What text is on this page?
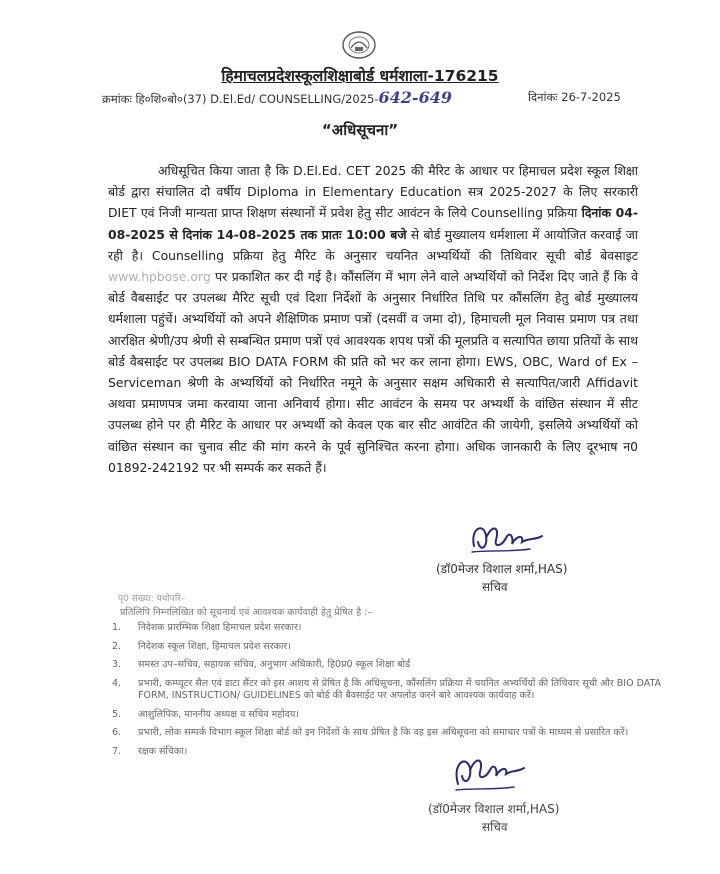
हिमाचलप्रदेशस्कूलशिक्षाबोर्ड धर्मशाला-176215
क्रमांकः हि०शि०बो०(37) D.El.Ed/ COUNSELLING/2025-642-649	दिनांकः 26-7-2025
“अधिसूचना”
अधिसूचित किया जाता है कि D.El.Ed. CET 2025 की मैरिट के आधार पर हिमाचल प्रदेश स्कूल शिक्षा बोर्ड द्वारा संचालित दो वर्षीय Diploma in Elementary Education सत्र 2025-2027 के लिए सरकारी DIET एवं निजी मान्यता प्राप्त शिक्षण संस्थानों में प्रवेश हेतु सीट आवंटन के लिये Counselling प्रक्रिया दिनांक 04-08-2025 से दिनांक 14-08-2025 तक प्रातः 10:00 बजे से बोर्ड मुख्यालय धर्मशाला में आयोजित करवाई जा रही है। Counselling प्रक्रिया हेतु मैरिट के अनुसार चयनित अभ्यर्थियों की तिथिवार सूची बोर्ड बेवसाइट www.hpbose.org पर प्रकाशित कर दी गई है। कौंसलिंग में भाग लेने वाले अभ्यर्थियों को निर्देश दिए जाते हैं कि वे बोर्ड वैबसाईट पर उपलब्ध मैरिट सूची एवं दिशा निर्देशों के अनुसार निर्धारित तिथि पर कौंसलिंग हेतु बोर्ड मुख्यालय धर्मशाला पहुंचें। अभ्यर्थियों को अपने शैक्षिणिक प्रमाण पत्रों (दसवीं व जमा दो), हिमाचली मूल निवास प्रमाण पत्र तथा आरक्षित श्रेणी/उप श्रेणी से सम्बन्धित प्रमाण पत्रों एवं आवश्यक शपथ पत्रों की मूलप्रति व सत्यापित छाया प्रतियों के साथ बोर्ड वैबसाईट पर उपलब्ध BIO DATA FORM की प्रति को भर कर लाना होगा। EWS, OBC, Ward of Ex – Serviceman श्रेणी के अभ्यर्थियों को निर्धारित नमूने के अनुसार सक्षम अधिकारी से सत्यापित/जारी Affidavit अथवा प्रमाणपत्र जमा करवाया जाना अनिवार्य होगा। सीट आवंटन के समय पर अभ्यर्थी के वांछित संस्थान में सीट उपलब्ध होने पर ही मैरिट के आधार पर अभ्यर्थी को केवल एक बार सीट आवंटित की जायेगी, इसलिये अभ्यर्थियों को वांछित संस्थान का चुनाव सीट की मांग करने के पूर्व सुनिश्चित करना होगा। अधिक जानकारी के लिए दूरभाष न0 01892-242192 पर भी सम्पर्क कर सकते हैं।
(डॉ0मेजर विशाल शर्मा,HAS)
सचिव
पृ0 संख्या: यथोपरि–
प्रतिलिपि निम्नलिखित को सूचनार्थ एवं आवश्यक कार्यवाही हेतु प्रेषित है :–
1. निदेशक प्रारम्भिक शिक्षा हिमाचल प्रदेश सरकार।
2. निदेशक स्कूल शिक्षा, हिमाचल प्रदेश सरकार।
3. समस्त उप–सचिव, सहायक सचिव, अनुभाग अधिकारी, हि0प्र0 स्कूल शिक्षा बोर्ड
4. प्रभारी, कम्प्यूटर सैल एवं डाटा सैंटर को इस आशय से प्रेषित है कि अधिसूचना, कौंसलिंग प्रक्रिया में चयनित अभ्यर्थियों की तिथिवार सूची और BIO DATA FORM, INSTRUCTION/ GUIDELINES को बोर्ड की बैवसाईट पर अपलोड करने बारे आवश्यक कार्यवाह करें।
5. आशुलिपिक, माननीय अध्यक्ष व सचिव महोदय।
6. प्रभारी, लोक सम्पर्क विभाग स्कूल शिक्षा बोर्ड को इन निर्देशों के साथ प्रेषित है कि वह इस अधिसूचना को समाचार पत्रों के माध्यम से प्रसारित करें।
7. रक्षक संचिका।
(डॉ0मेजर विशाल शर्मा,HAS)
सचिव
